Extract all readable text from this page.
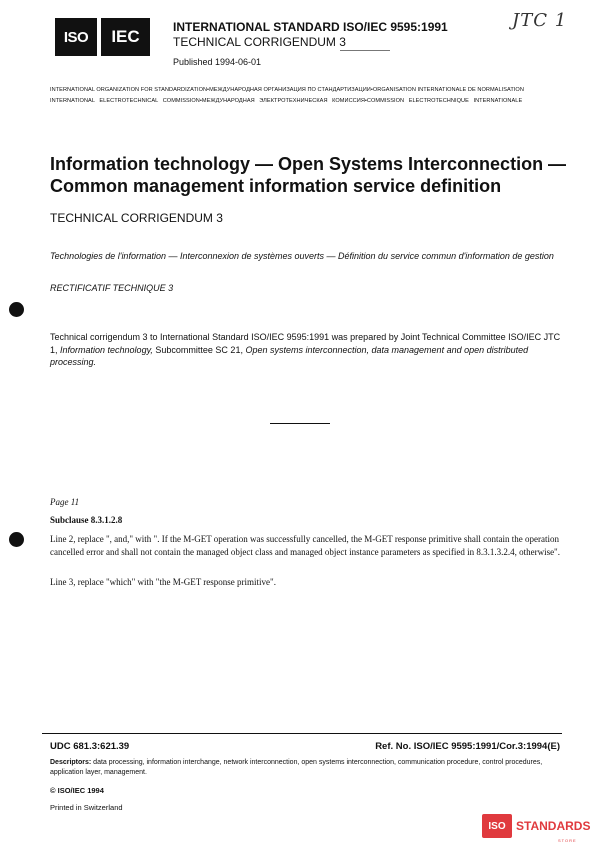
ISO	IEC	INTERNATIONAL STANDARD ISO/IEC 9595:1991
TECHNICAL CORRIGENDUM 3
Published 1994-06-01
JTC 1
INTERNATIONAL ORGANIZATION FOR STANDARDIZATION•МЕЖДУНАРОДНАЯ ОРГАНИЗАЦИЯ ПО СТАНДАРТИЗАЦИИ•ORGANISATION INTERNATIONALE DE NORMALISATION
INTERNATIONAL ELECTROTECHNICAL COMMISSION•МЕЖДУНАРОДНАЯ ЭЛЕКТРОТЕХНИЧЕСКАЯ КОМИССИЯ•COMMISSION ELECTROTECHNIQUE INTERNATIONALE
Information technology — Open Systems Interconnection —
Common management information service definition
TECHNICAL CORRIGENDUM 3
Technologies de l'information — Interconnexion de systèmes ouverts — Définition du service commun d'information de gestion
RECTIFICATIF TECHNIQUE 3
Technical corrigendum 3 to International Standard ISO/IEC 9595:1991 was prepared by Joint Technical Committee ISO/IEC JTC 1, Information technology, Subcommittee SC 21, Open systems interconnection, data management and open distributed processing.
Page 11
Subclause 8.3.1.2.8
Line 2, replace ", and," with ". If the M-GET operation was successfully cancelled, the M-GET response primitive shall contain the operation cancelled error and shall not contain the managed object class and managed object instance parameters as specified in 8.3.1.3.2.4, otherwise".
Line 3, replace "which" with "the M-GET response primitive".
UDC 681.3:621.39	Ref. No. ISO/IEC 9595:1991/Cor.3:1994(E)
Descriptors: data processing, information interchange, network interconnection, open systems interconnection, communication procedure, control procedures, application layer, management.
© ISO/IEC 1994
Printed in Switzerland
ISO STANDARDS
STORE
